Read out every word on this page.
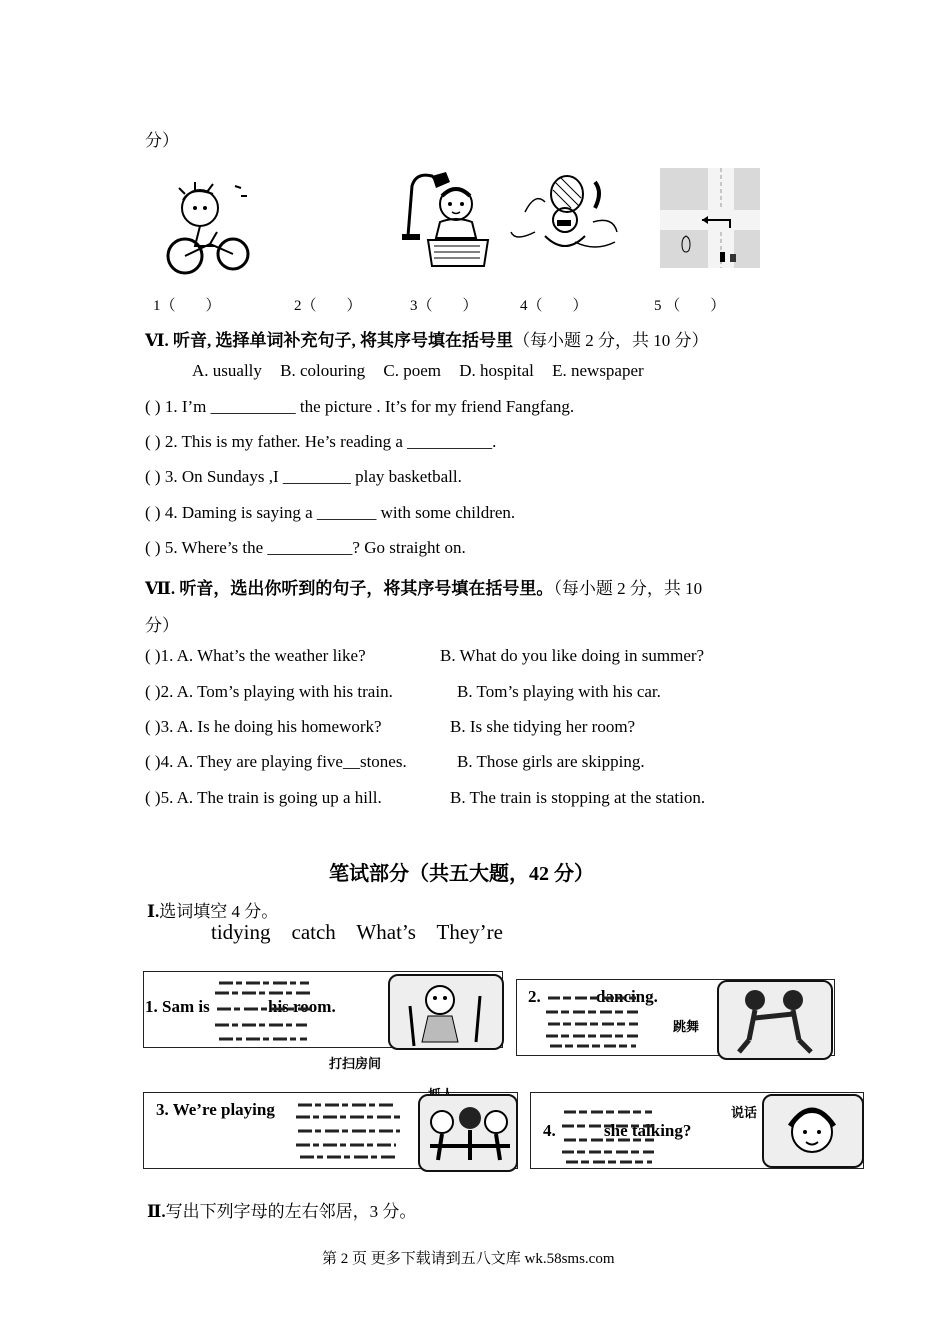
分）
1（　　）	2（　　）	3（　　）	4（　　）	5 （　　）
Ⅵ. 听音, 选择单词补充句子, 将其序号填在括号里（每小题 2 分，共 10 分）
A. usually B. colouring C. poem D. hospital E. newspaper
( ) 1. I’m __________ the picture . It’s for my friend Fangfang.
( ) 2. This is my father. He’s reading a __________.
( ) 3. On Sundays ,I ________ play basketball.
( ) 4. Daming is saying a _______ with some children.
( ) 5. Where’s the __________? Go straight on.
Ⅶ. 听音，选出你听到的句子，将其序号填在括号里。（每小题 2 分，共 10
分）
( )1. A. What’s the weather like?	B. What do you like doing in summer?
( )2. A. Tom’s playing with his train.	B. Tom’s playing with his car.
( )3. A. Is he doing his homework?	B. Is she tidying her room?
( )4. A. They are playing five__stones.	B. Those girls are skipping.
( )5. A. The train is going up a hill.	B. The train is stopping at the station.
笔试部分（共五大题，42 分）
Ⅰ.选词填空 4 分。
tidying    catch    What’s    They’re
1. Sam is	his room.
打扫房间
2.	dancing.
跳舞
3. We’re playing
4.	she talking?
说话
Ⅱ.写出下列字母的左右邻居，3 分。
第 2 页 更多下载请到五八文库 wk.58sms.com
